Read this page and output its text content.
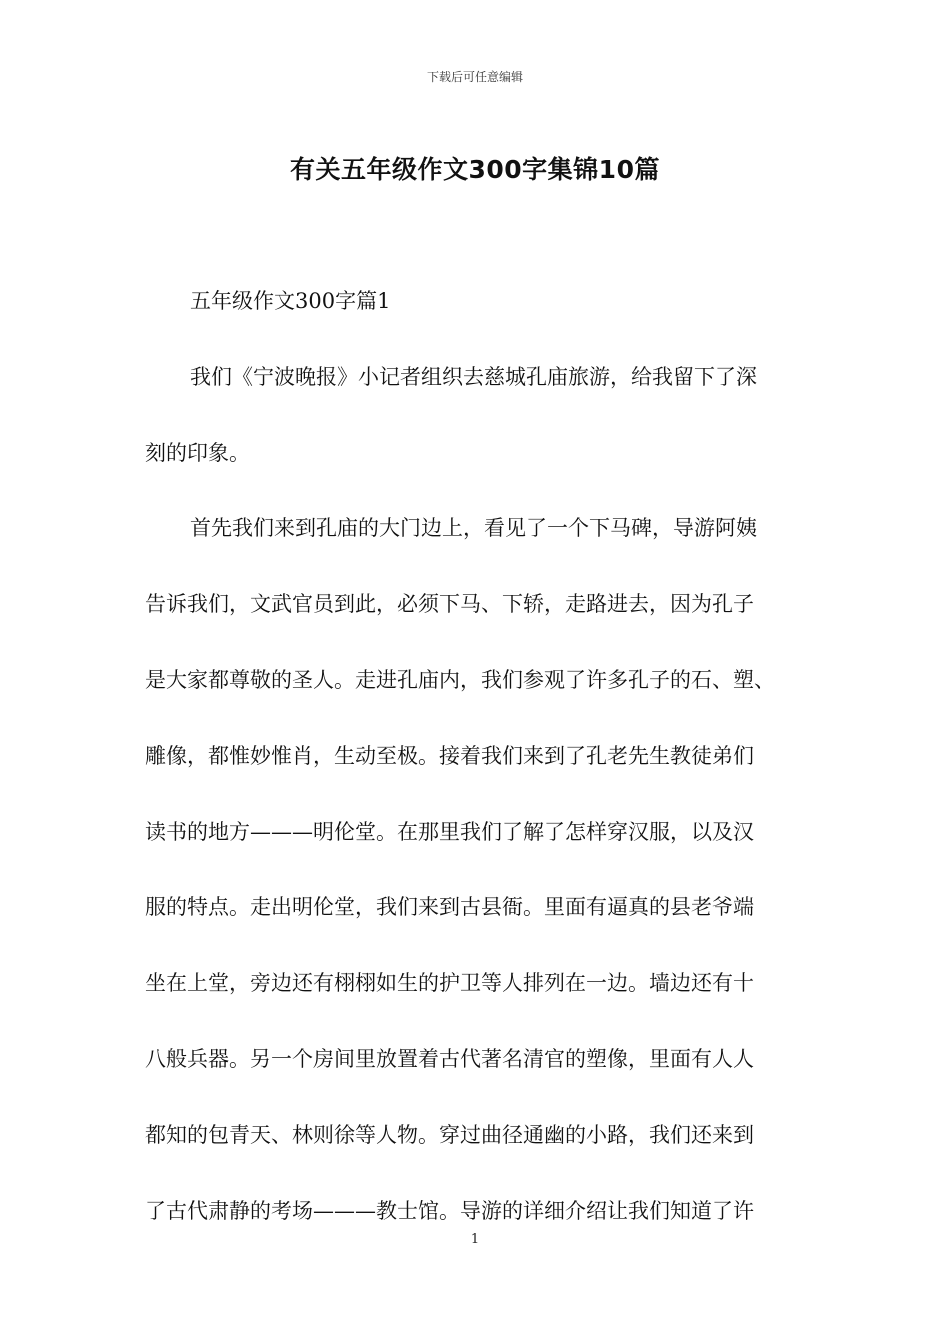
下载后可任意编辑
有关五年级作文300字集锦10篇
五年级作文300字篇1
我们《宁波晚报》小记者组织去慈城孔庙旅游，给我留下了深
刻的印象。
首先我们来到孔庙的大门边上，看见了一个下马碑，导游阿姨
告诉我们，文武官员到此，必须下马、下轿，走路进去，因为孔子
是大家都尊敬的圣人。走进孔庙内，我们参观了许多孔子的石、塑、
雕像，都惟妙惟肖，生动至极。接着我们来到了孔老先生教徒弟们
读书的地方———明伦堂。在那里我们了解了怎样穿汉服，以及汉
服的特点。走出明伦堂，我们来到古县衙。里面有逼真的县老爷端
坐在上堂，旁边还有栩栩如生的护卫等人排列在一边。墙边还有十
八般兵器。另一个房间里放置着古代著名清官的塑像，里面有人人
都知的包青天、林则徐等人物。穿过曲径通幽的小路，我们还来到
了古代肃静的考场———教士馆。导游的详细介绍让我们知道了许
1
